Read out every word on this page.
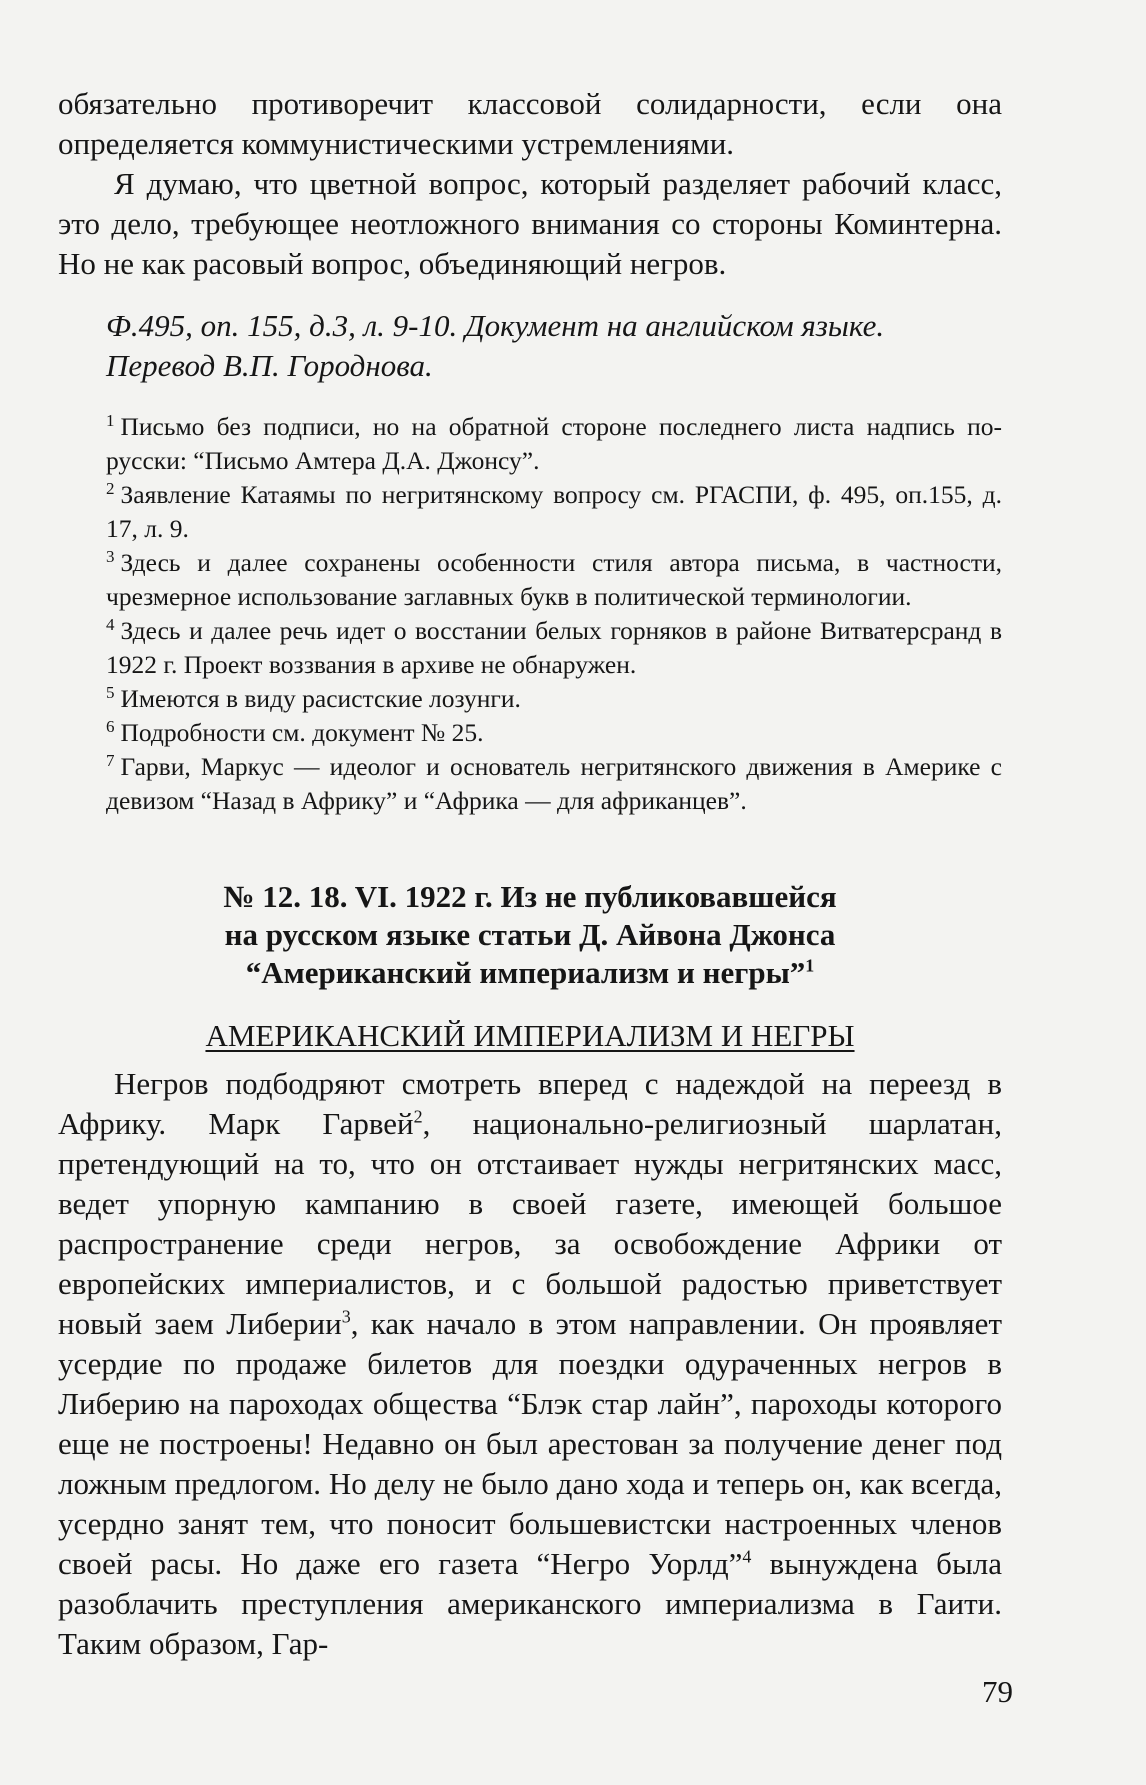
обязательно противоречит классовой солидарности, если она определяется коммунистическими устремлениями.

Я думаю, что цветной вопрос, который разделяет рабочий класс, это дело, требующее неотложного внимания со стороны Коминтерна. Но не как расовый вопрос, объединяющий негров.

Ф.495, оп. 155, д.3, л. 9-10. Документ на английском языке.
Перевод В.П. Городнова.

$^1$ Письмо без подписи, но на обратной стороне последнего листа надпись по-русски: “Письмо Амтера Д.А. Джонсу”.

$^2$ Заявление Катаямы по негритянскому вопросу см. РГАСПИ, ф. 495, оп.155, д. 17, л. 9.

$^3$ Здесь и далее сохранены особенности стиля автора письма, в частности, чрезмерное использование заглавных букв в политической терминологии.

$^4$ Здесь и далее речь идет о восстании белых горняков в районе Витватерсранд в 1922 г. Проект воззвания в архиве не обнаружен.

$^5$ Имеются в виду расистские лозунги.

$^6$ Подробности см. документ № 25.

$^7$ Гарви, Маркус — идеолог и основатель негритянского движения в Америке с девизом “Назад в Африку” и “Африка — для африканцев”.

№ 12. 18. VI. 1922 г. Из не публиковавшейся
на русском языке статьи Д. Айвона Джонса
“Американский империализм и негры”$^1$
АМЕРИКАНСКИЙ ИМПЕРИАЛИЗМ И НЕГРЫ

Негров подбодряют смотреть вперед с надеждой на переезд в Африку. Марк Гарвей$^2$, национально-религиозный шарлатан, претендующий на то, что он отстаивает нужды негритянских масс, ведет упорную кампанию в своей газете, имеющей большое распространение среди негров, за освобождение Африки от европейских империалистов, и с большой радостью приветствует новый заем Либерии$^3$, как начало в этом направлении. Он проявляет усердие по продаже билетов для поездки одураченных негров в Либерию на пароходах общества “Блэк стар лайн”, пароходы которого еще не построены! Недавно он был арестован за получение денег под ложным предлогом. Но делу не было дано хода и теперь он, как всегда, усердно занят тем, что поносит большевистски настроенных членов своей расы. Но даже его газета “Негро Уорлд”$^4$ вынуждена была разоблачить преступления американского империализма в Гаити. Таким образом, Гар-

79
